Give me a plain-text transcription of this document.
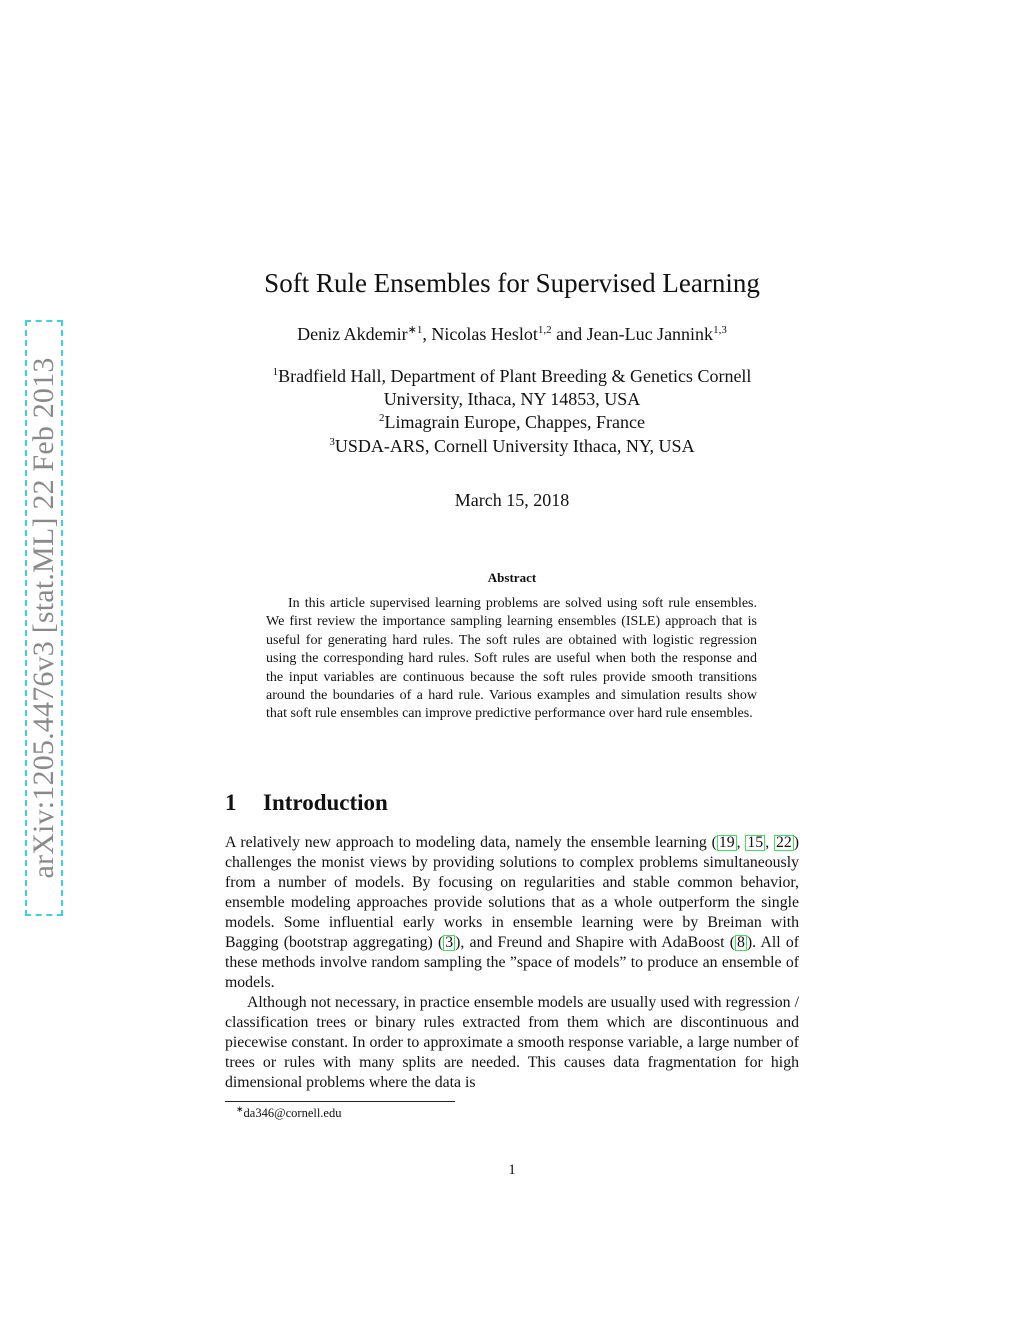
arXiv:1205.4476v3 [stat.ML] 22 Feb 2013
Soft Rule Ensembles for Supervised Learning
Deniz Akdemir$^{∗1}$, Nicolas Heslot$^{1,2}$ and Jean-Luc Jannink$^{1,3}$
$^1$Bradfield Hall, Department of Plant Breeding & Genetics Cornell
University, Ithaca, NY 14853, USA
$^2$Limagrain Europe, Chappes, France
$^3$USDA-ARS, Cornell University Ithaca, NY, USA
March 15, 2018
Abstract

In this article supervised learning problems are solved using soft rule ensembles. We first review the importance sampling learning ensembles (ISLE) approach that is useful for generating hard rules. The soft rules are obtained with logistic regression using the corresponding hard rules. Soft rules are useful when both the response and the input variables are continuous because the soft rules provide smooth transitions around the boundaries of a hard rule. Various examples and simulation results show that soft rule ensembles can improve predictive performance over hard rule ensembles.

1 Introduction

A relatively new approach to modeling data, namely the ensemble learning ( 19 , 15 , 22 ) challenges the monist views by providing solutions to complex problems simultaneously from a number of models. By focusing on regularities and stable common behavior, ensemble modeling approaches provide solutions that as a whole outperform the single models. Some influential early works in ensemble learning were by Breiman with Bagging (bootstrap aggregating) ( 3 ), and Freund and Shapire with AdaBoost ( 8 ). All of these methods involve random sampling the ”space of models” to produce an ensemble of models.

Although not necessary, in practice ensemble models are usually used with regression / classification trees or binary rules extracted from them which are discontinuous and piecewise constant. In order to approximate a smooth response variable, a large number of trees or rules with many splits are needed. This causes data fragmentation for high dimensional problems where the data is

∗da346@cornell.edu
1
